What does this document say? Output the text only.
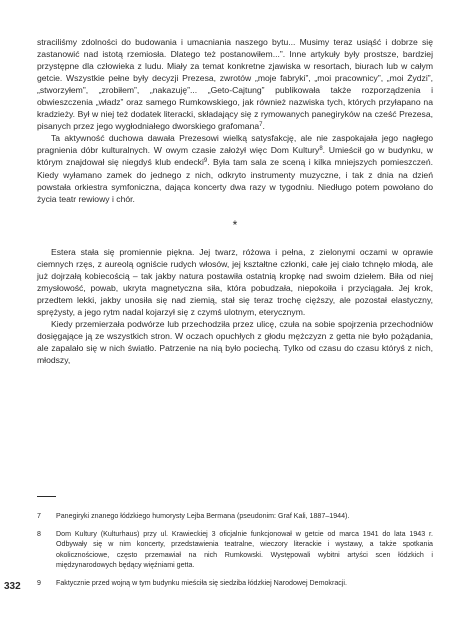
straciliśmy zdolności do budowania i umacniania naszego bytu... Musimy teraz usiąść i dobrze się zastanowić nad istotą rzemiosła. Dlatego też postanowiłem...”. Inne artykuły były prostsze, bardziej przystępne dla człowieka z ludu. Miały za temat konkretne zjawiska w resortach, biurach lub w całym getcie. Wszystkie pełne były decyzji Prezesa, zwrotów „moje fabryki”, „moi pracownicy”, „moi Żydzi”, „stworzyłem”, „zrobiłem”, „nakazuję”... „Geto-Cajtung” publikowała także rozporządzenia i obwieszczenia „władz” oraz samego Rumkowskiego, jak również nazwiska tych, których przyłapano na kradzieży. Był w niej też dodatek literacki, składający się z rymowanych panegiryków na cześć Prezesa, pisanych przez jego wygłodniałego dworskiego grafomana$^7$.

Ta aktywność duchowa dawała Prezesowi wielką satysfakcję, ale nie zaspokajała jego nagłego pragnienia dóbr kulturalnych. W owym czasie założył więc Dom Kultury$^8$. Umieścił go w budynku, w którym znajdował się niegdyś klub endecki$^9$. Była tam sala ze sceną i kilka mniejszych pomieszczeń. Kiedy wyłamano zamek do jednego z nich, odkryto instrumenty muzyczne, i tak z dnia na dzień powstała orkiestra symfoniczna, dająca koncerty dwa razy w tygodniu. Niedługo potem powołano do życia teatr rewiowy i chór.

*

Estera stała się promiennie piękna. Jej twarz, różowa i pełna, z zielonymi oczami w oprawie ciemnych rzęs, z aureolą ogniście rudych włosów, jej kształtne członki, całe jej ciało tchnęło młodą, ale już dojrzałą kobiecością – tak jakby natura postawiła ostatnią kropkę nad swoim dziełem. Biła od niej zmysłowość, powab, ukryta magnetyczna siła, która pobudzała, niepokoiła i przyciągała. Jej krok, przedtem lekki, jakby unosiła się nad ziemią, stał się teraz trochę cięższy, ale pozostał elastyczny, sprężysty, a jego rytm nadal kojarzył się z czymś ulotnym, eterycznym.

Kiedy przemierzała podwórze lub przechodziła przez ulicę, czuła na sobie spojrzenia przechodniów dosięgające ją ze wszystkich stron. W oczach opuchłych z głodu mężczyzn z getta nie było pożądania, ale zapalało się w nich światło. Patrzenie na nią było pociechą. Tylko od czasu do czasu któryś z nich, młodszy,

7	Panegiryki znanego łódzkiego humorysty Lejba Bermana (pseudonim: Graf Kali, 1887–1944).
8	Dom Kultury (Kulturhaus) przy ul. Krawieckiej 3 oficjalnie funkcjonował w getcie od marca 1941 do lata 1943 r. Odbywały się w nim koncerty, przedstawienia teatralne, wieczory literackie i wystawy, a także spotkania okolicznościowe, często przemawiał na nich Rumkowski. Występowali wybitni artyści scen łódzkich i międzynarodowych będący więźniami getta.
9	Faktycznie przed wojną w tym budynku mieściła się siedziba łódzkiej Narodowej Demokracji.
332
